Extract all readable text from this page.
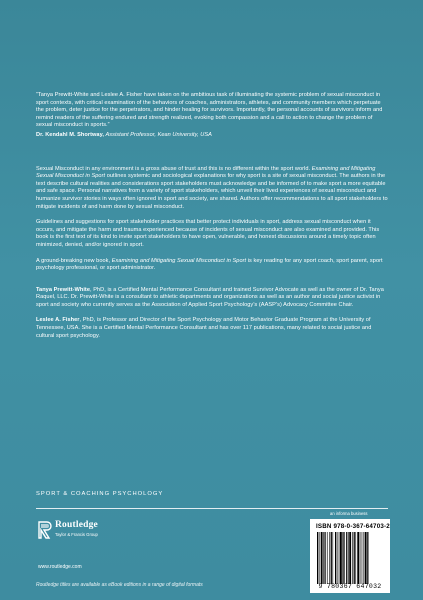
“Tanya Prewitt-White and Leslee A. Fisher have taken on the ambitious task of illuminating the systemic problem of sexual misconduct in sport contexts, with critical examination of the behaviors of coaches, administrators, athletes, and community members which perpetuate the problem, deter justice for the perpetrators, and hinder healing for survivors. Importantly, the personal accounts of survivors inform and remind readers of the suffering endured and strength realized, evoking both compassion and a call to action to change the problem of sexual misconduct in sports.”

Dr. Kendahl M. Shortway, Assistant Professor, Kean University, USA

Sexual Misconduct in any environment is a gross abuse of trust and this is no different within the sport world. Examining and Mitigating Sexual Misconduct in Sport outlines systemic and sociological explanations for why sport is a site of sexual misconduct. The authors in the text describe cultural realities and considerations sport stakeholders must acknowledge and be informed of to make sport a more equitable and safe space. Personal narratives from a variety of sport stakeholders, which unveil their lived experiences of sexual misconduct and humanize survivor stories in ways often ignored in sport and society, are shared. Authors offer recommendations to all sport stakeholders to mitigate incidents of and harm done by sexual misconduct.

Guidelines and suggestions for sport stakeholder practices that better protect individuals in sport, address sexual misconduct when it occurs, and mitigate the harm and trauma experienced because of incidents of sexual misconduct are also examined and provided. This book is the first text of its kind to invite sport stakeholders to have open, vulnerable, and honest discussions around a timely topic often minimized, denied, and/or ignored in sport.

A ground-breaking new book, Examining and Mitigating Sexual Misconduct in Sport is key reading for any sport coach, sport parent, sport psychology professional, or sport administrator.

Tanya Prewitt-White, PhD, is a Certified Mental Performance Consultant and trained Survivor Advocate as well as the owner of Dr. Tanya Raquel, LLC. Dr. Prewitt-White is a consultant to athletic departments and organizations as well as an author and social justice activist in sport and society who currently serves as the Association of Applied Sport Psychology’s (AASP’s) Advocacy Committee Chair.

Leslee A. Fisher, PhD, is Professor and Director of the Sport Psychology and Motor Behavior Graduate Program at the University of Tennessee, USA. She is a Certified Mental Performance Consultant and has over 117 publications, many related to social justice and cultural sport psychology.

SPORT & COACHING PSYCHOLOGY
Routledge
Taylor & Francis Group
www.routledge.com
Routledge titles are available as eBook editions in a range of digital formats
an informa business
ISBN 978-0-367-64703-2
9 780367 647032
